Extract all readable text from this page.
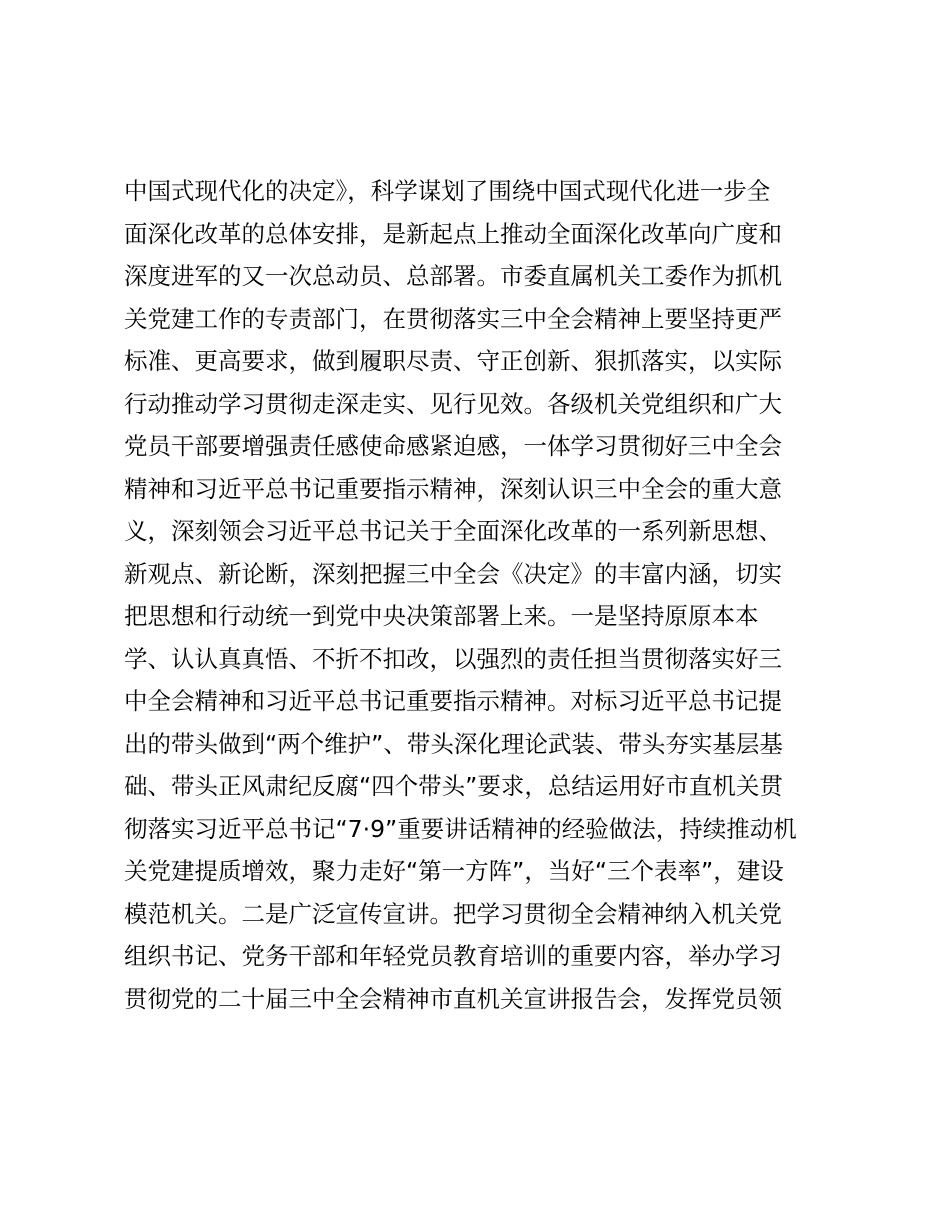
中国式现代化的决定》，科学谋划了围绕中国式现代化进一步全
面深化改革的总体安排，是新起点上推动全面深化改革向广度和
深度进军的又一次总动员、总部署。市委直属机关工委作为抓机
关党建工作的专责部门，在贯彻落实三中全会精神上要坚持更严
标准、更高要求，做到履职尽责、守正创新、狠抓落实，以实际
行动推动学习贯彻走深走实、见行见效。各级机关党组织和广大
党员干部要增强责任感使命感紧迫感，一体学习贯彻好三中全会
精神和习近平总书记重要指示精神，深刻认识三中全会的重大意
义，深刻领会习近平总书记关于全面深化改革的一系列新思想、
新观点、新论断，深刻把握三中全会《决定》的丰富内涵，切实
把思想和行动统一到党中央决策部署上来。一是坚持原原本本
学、认认真真悟、不折不扣改，以强烈的责任担当贯彻落实好三
中全会精神和习近平总书记重要指示精神。对标习近平总书记提
出的带头做到“两个维护”、带头深化理论武装、带头夯实基层基
础、带头正风肃纪反腐“四个带头”要求，总结运用好市直机关贯
彻落实习近平总书记“7·9”重要讲话精神的经验做法，持续推动机
关党建提质增效，聚力走好“第一方阵”，当好“三个表率”，建设
模范机关。二是广泛宣传宣讲。把学习贯彻全会精神纳入机关党
组织书记、党务干部和年轻党员教育培训的重要内容，举办学习
贯彻党的二十届三中全会精神市直机关宣讲报告会，发挥党员领
